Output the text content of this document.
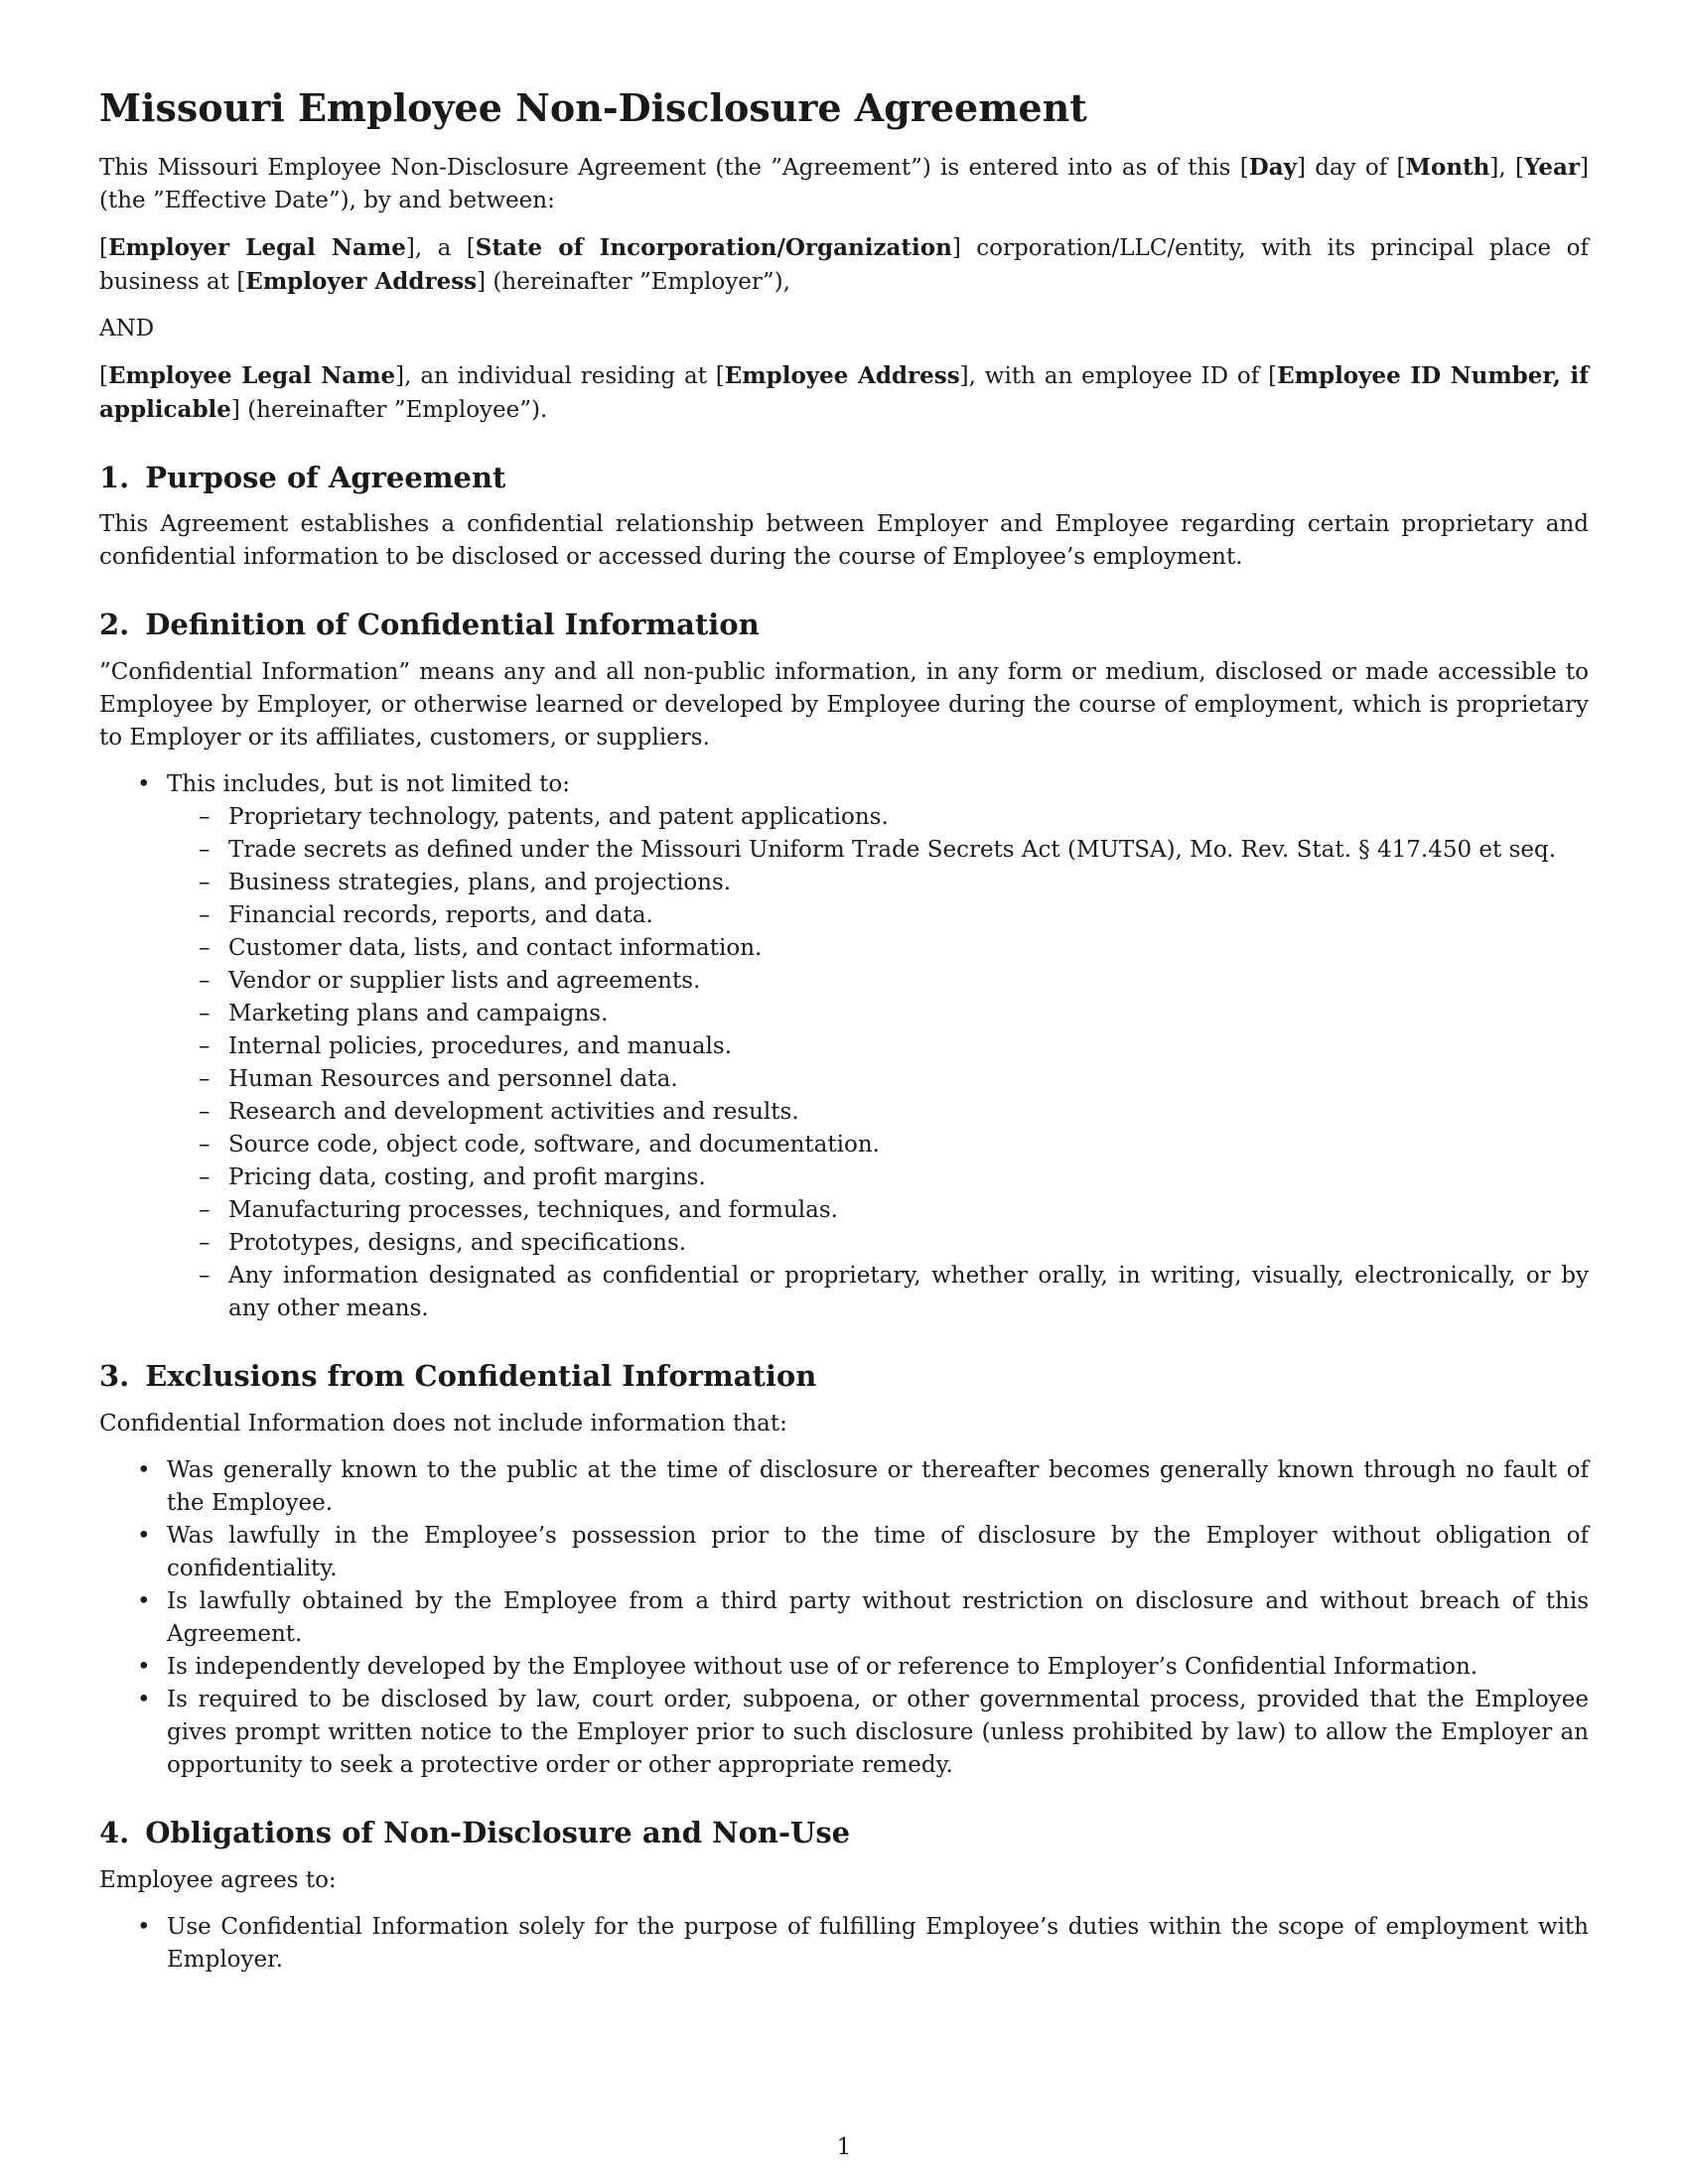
Missouri Employee Non-Disclosure Agreement

This Missouri Employee Non-Disclosure Agreement (the ”Agreement”) is entered into as of this [Day] day of [Month], [Year] (the ”Effective Date”), by and between:

[Employer Legal Name], a [State of Incorporation/Organization] corporation/LLC/entity, with its principal place of business at [Employer Address] (hereinafter ”Employer”),

AND

[Employee Legal Name], an individual residing at [Employee Address], with an employee ID of [Employee ID Number, if applicable] (hereinafter ”Employee”).

1. Purpose of Agreement

This Agreement establishes a confidential relationship between Employer and Employee regarding certain proprietary and confidential information to be disclosed or accessed during the course of Employee’s employment.

2. Definition of Confidential Information

”Confidential Information” means any and all non-public information, in any form or medium, disclosed or made accessible to Employee by Employer, or otherwise learned or developed by Employee during the course of employment, which is proprietary to Employer or its affiliates, customers, or suppliers.

• This includes, but is not limited to:
– Proprietary technology, patents, and patent applications.
– Trade secrets as defined under the Missouri Uniform Trade Secrets Act (MUTSA), Mo. Rev. Stat. § 417.450 et seq.
– Business strategies, plans, and projections.
– Financial records, reports, and data.
– Customer data, lists, and contact information.
– Vendor or supplier lists and agreements.
– Marketing plans and campaigns.
– Internal policies, procedures, and manuals.
– Human Resources and personnel data.
– Research and development activities and results.
– Source code, object code, software, and documentation.
– Pricing data, costing, and profit margins.
– Manufacturing processes, techniques, and formulas.
– Prototypes, designs, and specifications.
– Any information designated as confidential or proprietary, whether orally, in writing, visually, electronically, or by any other means.
3. Exclusions from Confidential Information

Confidential Information does not include information that:

• Was generally known to the public at the time of disclosure or thereafter becomes generally known through no fault of the Employee.
• Was lawfully in the Employee’s possession prior to the time of disclosure by the Employer without obligation of confidentiality.
• Is lawfully obtained by the Employee from a third party without restriction on disclosure and without breach of this Agreement.
• Is independently developed by the Employee without use of or reference to Employer’s Confidential Information.
• Is required to be disclosed by law, court order, subpoena, or other governmental process, provided that the Employee gives prompt written notice to the Employer prior to such disclosure (unless prohibited by law) to allow the Employer an opportunity to seek a protective order or other appropriate remedy.
4. Obligations of Non-Disclosure and Non-Use

Employee agrees to:

• Use Confidential Information solely for the purpose of fulfilling Employee’s duties within the scope of employment with Employer.
1
